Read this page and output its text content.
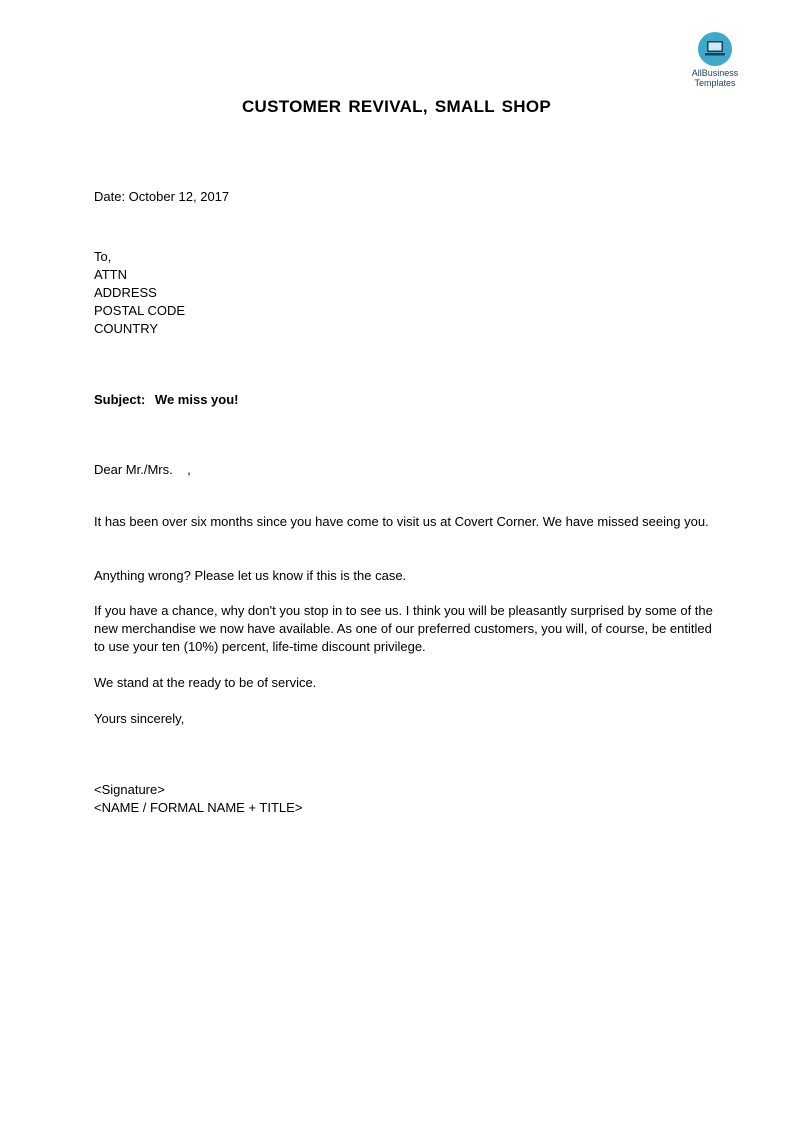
AllBusiness
Templates
CUSTOMER REVIVAL, SMALL SHOP
Date: October 12, 2017
To,
ATTN
ADDRESS
POSTAL CODE
COUNTRY
Subject: We miss you!
Dear Mr./Mrs.    ,
It has been over six months since you have come to visit us at Covert Corner. We have missed seeing you.
Anything wrong? Please let us know if this is the case.
If you have a chance, why don't you stop in to see us. I think you will be pleasantly surprised by some of the new merchandise we now have available. As one of our preferred customers, you will, of course, be entitled to use your ten (10%) percent, life-time discount privilege.
We stand at the ready to be of service.
Yours sincerely,
<Signature>
<NAME / FORMAL NAME + TITLE>
